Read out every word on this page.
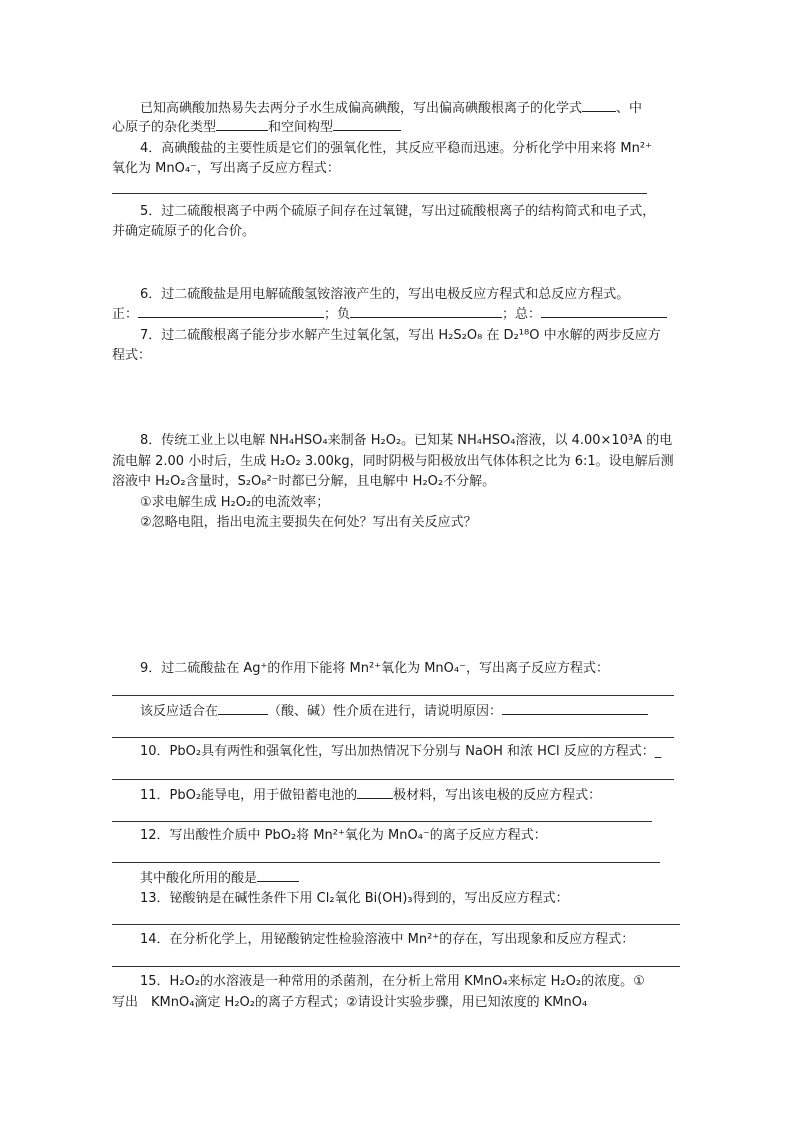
已知高碘酸加热易失去两分子水生成偏高碘酸，写出偏高碘酸根离子的化学式	、中
心原子的杂化类型	和空间构型
4．高碘酸盐的主要性质是它们的强氧化性，其反应平稳而迅速。分析化学中用来将 Mn²⁺
氧化为 MnO₄⁻，写出离子反应方程式：
5．过二硫酸根离子中两个硫原子间存在过氧键，写出过硫酸根离子的结构简式和电子式，
并确定硫原子的化合价。
6．过二硫酸盐是用电解硫酸氢铵溶液产生的，写出电极反应方程式和总反应方程式。
正：	；负	；总：
7．过二硫酸根离子能分步水解产生过氧化氢，写出 H₂S₂O₈ 在 D₂¹⁸O 中水解的两步反应方
程式：
8．传统工业上以电解 NH₄HSO₄来制备 H₂O₂。已知某 NH₄HSO₄溶液，以 4.00×10³A 的电
流电解 2.00 小时后，生成 H₂O₂ 3.00kg，同时阴极与阳极放出气体体积之比为 6:1。设电解后测
溶液中 H₂O₂含量时，S₂O₈²⁻时都已分解，且电解中 H₂O₂不分解。
①求电解生成 H₂O₂的电流效率；
②忽略电阻，指出电流主要损失在何处？写出有关反应式？
9．过二硫酸盐在 Ag⁺的作用下能将 Mn²⁺氧化为 MnO₄⁻，写出离子反应方程式：
该反应适合在	（酸、碱）性介质在进行，请说明原因：
10．PbO₂具有两性和强氧化性，写出加热情况下分别与 NaOH 和浓 HCl 反应的方程式：_
11．PbO₂能导电，用于做铅蓄电池的	极材料，写出该电极的反应方程式：
12．写出酸性介质中 PbO₂将 Mn²⁺氧化为 MnO₄⁻的离子反应方程式：
其中酸化所用的酸是
13．铋酸钠是在碱性条件下用 Cl₂氧化 Bi(OH)₃得到的，写出反应方程式：
14．在分析化学上，用铋酸钠定性检验溶液中 Mn²⁺的存在，写出现象和反应方程式：
15．H₂O₂的水溶液是一种常用的杀菌剂，在分析上常用 KMnO₄来标定 H₂O₂的浓度。①
写出　KMnO₄滴定 H₂O₂的离子方程式；②请设计实验步骤，用已知浓度的 KMnO₄
